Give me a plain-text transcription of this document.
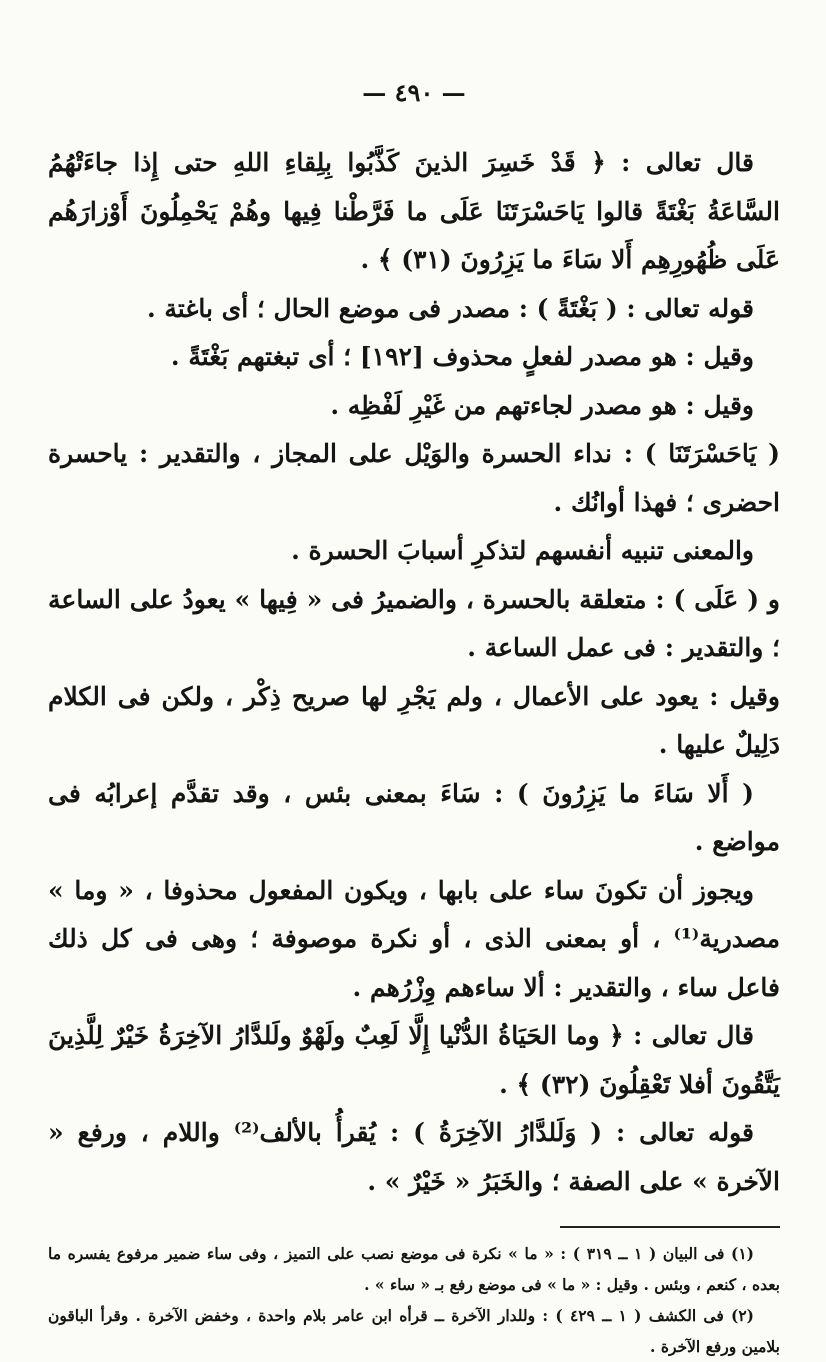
— ٤٩٠ —

قال تعالى : ﴿ قَدْ خَسِرَ الذينَ كَذَّبُوا بِلِقاءِ اللهِ حتى إِذا جاءَتْهُمُ السَّاعَةُ بَغْتَةً قالوا يَاحَسْرَتَنَا عَلَى ما فَرَّطْنا فِيها وهُمْ يَحْمِلُونَ أَوْزارَهُم عَلَى ظُهُورِهِم أَلا سَاءَ ما يَزِرُونَ (٣١) ﴾ .

قوله تعالى : ( بَغْتَةً ) : مصدر فى موضع الحال ؛ أى باغتة .

وقيل : هو مصدر لفعلٍ محذوف [١٩٢] ؛ أى تبغتهم بَغْتَةً .

وقيل : هو مصدر لجاءتهم من غَيْرِ لَفْظِه .

( يَاحَسْرَتَنَا ) : نداء الحسرة والوَيْل على المجاز ، والتقدير : ياحسرة احضرى ؛ فهذا أوانُك .

والمعنى تنبيه أنفسهم لتذكرِ أسبابَ الحسرة .

و ( عَلَى ) : متعلقة بالحسرة ، والضميرُ فى « فِيها » يعودُ على الساعة ؛ والتقدير : فى عمل الساعة .

وقيل : يعود على الأعمال ، ولم يَجْرِ لها صريح ذِكْر ، ولكن فى الكلام دَلِيلٌ عليها .

( أَلا سَاءَ ما يَزِرُونَ ) : سَاءَ بمعنى بئس ، وقد تقدَّم إعرابُه فى مواضع .

ويجوز أن تكونَ ساء على بابها ، ويكون المفعول محذوفا ، « وما » مصدرية⁽¹⁾ ، أو بمعنى الذى ، أو نكرة موصوفة ؛ وهى فى كل ذلك فاعل ساء ، والتقدير : ألا ساءهم وِزْرُهم .

قال تعالى : ﴿ وما الحَيَاةُ الدُّنْيا إِلَّا لَعِبٌ ولَهْوٌ ولَلدَّارُ الآخِرَةُ خَيْرٌ لِلَّذِينَ يَتَّقُونَ أفلا تَعْقِلُونَ (٣٢) ﴾ .

قوله تعالى : ( وَلَلدَّارُ الآخِرَةُ ) : يُقرأُ بالألف⁽²⁾ واللام ، ورفع « الآخرة » على الصفة ؛ والخَبَرُ « خَيْرٌ » .

(١) فى البيان ( ١ ــ ٣١٩ ) : « ما » نكرة فى موضع نصب على التميز ، وفى ساء ضمير مرفوع يفسره ما بعده ، كنعم ، وبئس . وقيل : « ما » فى موضع رفع بـ « ساء » .

(٢) فى الكشف ( ١ ــ ٤٢٩ ) : وللدار الآخرة ــ قرأه ابن عامر بلام واحدة ، وخفض الآخرة . وقرأ الباقون بلامين ورفع الآخرة .
